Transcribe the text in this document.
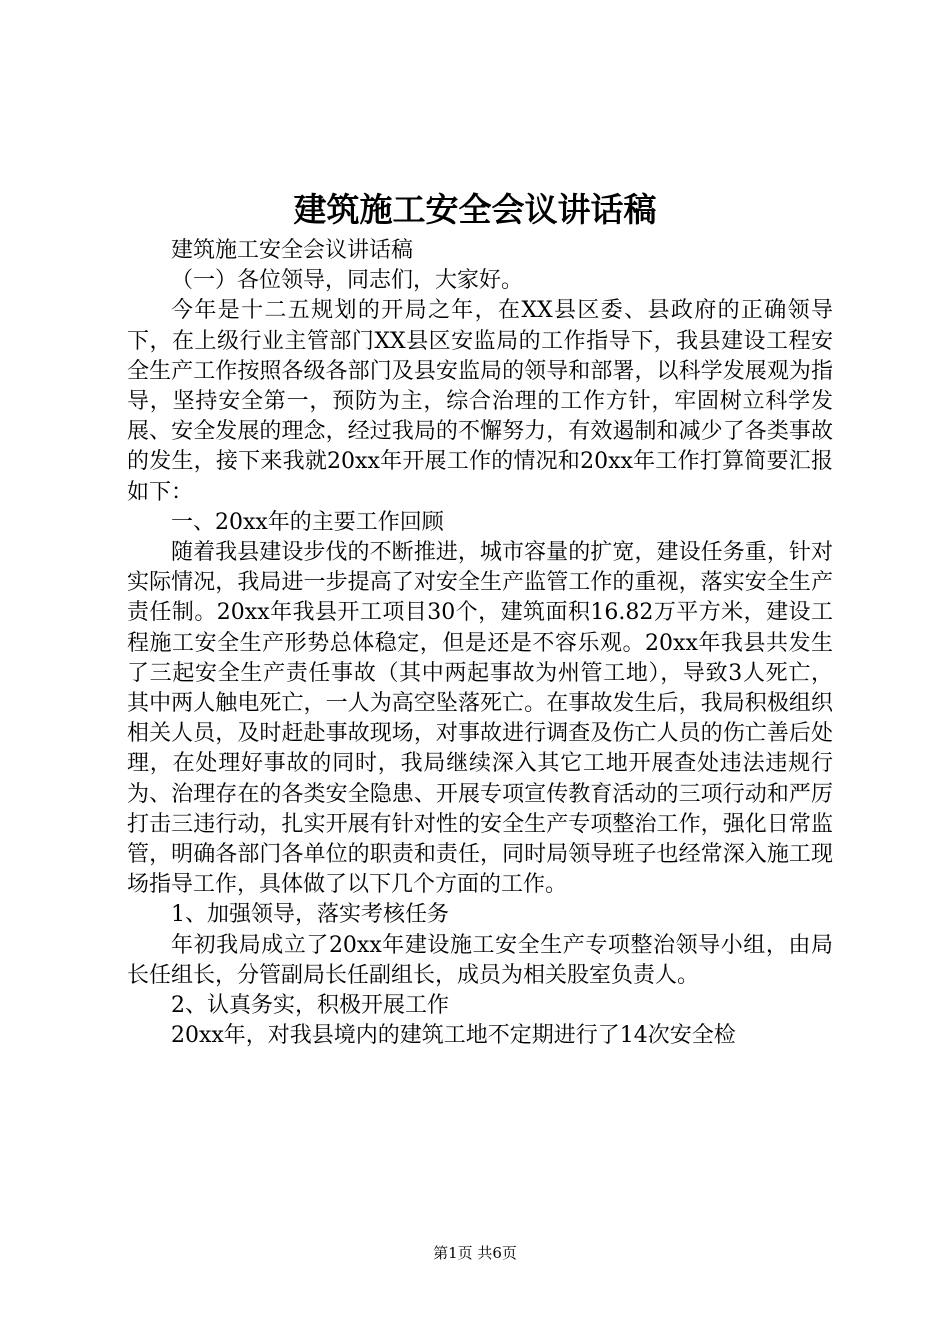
建筑施工安全会议讲话稿

建筑施工安全会议讲话稿

（一）各位领导，同志们，大家好。

今年是十二五规划的开局之年，在XX县区委、县政府的正确领导下，在上级行业主管部门XX县区安监局的工作指导下，我县建设工程安全生产工作按照各级各部门及县安监局的领导和部署，以科学发展观为指导，坚持安全第一，预防为主，综合治理的工作方针，牢固树立科学发展、安全发展的理念，经过我局的不懈努力，有效遏制和减少了各类事故的发生，接下来我就20xx年开展工作的情况和20xx年工作打算简要汇报如下：

一、20xx年的主要工作回顾

随着我县建设步伐的不断推进，城市容量的扩宽，建设任务重，针对实际情况，我局进一步提高了对安全生产监管工作的重视，落实安全生产责任制。20xx年我县开工项目30个，建筑面积16.82万平方米，建设工程施工安全生产形势总体稳定，但是还是不容乐观。20xx年我县共发生了三起安全生产责任事故（其中两起事故为州管工地），导致3人死亡，其中两人触电死亡，一人为高空坠落死亡。在事故发生后，我局积极组织相关人员，及时赶赴事故现场，对事故进行调查及伤亡人员的伤亡善后处理，在处理好事故的同时，我局继续深入其它工地开展查处违法违规行为、治理存在的各类安全隐患、开展专项宣传教育活动的三项行动和严厉打击三违行动，扎实开展有针对性的安全生产专项整治工作，强化日常监管，明确各部门各单位的职责和责任，同时局领导班子也经常深入施工现场指导工作，具体做了以下几个方面的工作。

1、加强领导，落实考核任务

年初我局成立了20xx年建设施工安全生产专项整治领导小组，由局长任组长，分管副局长任副组长，成员为相关股室负责人。

2、认真务实，积极开展工作

20xx年，对我县境内的建筑工地不定期进行了14次安全检

第1页 共6页
